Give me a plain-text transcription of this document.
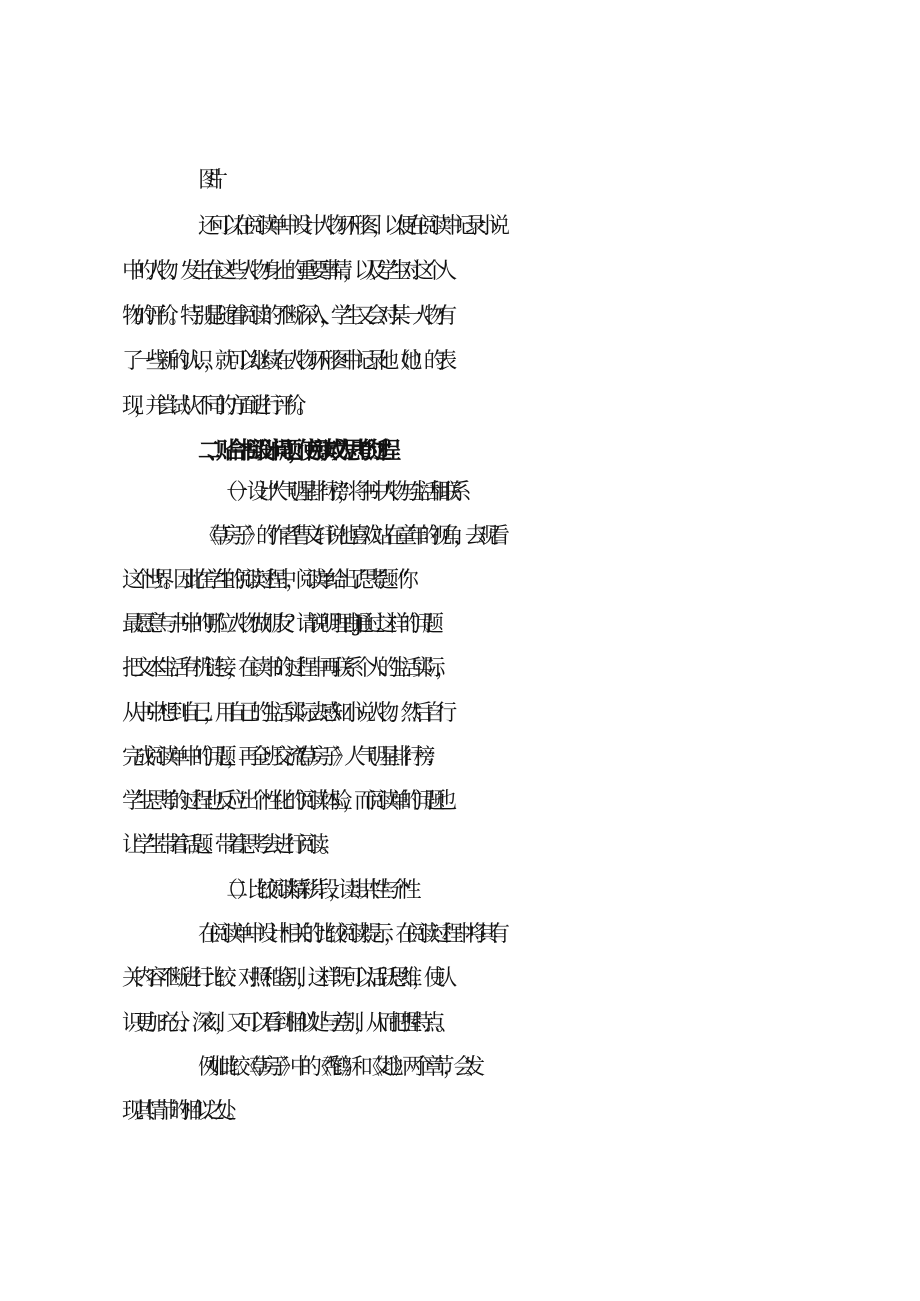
图片
还可以在阅读单中设计人物环形图，以便在阅读中记录小说
中的人物、发生在这些人物身上的重要事情，以及学生对这个人
物的评价。特别是随着阅读的不断深入，学生又会对某一人物有
了一些新的认识，就可以继续在人物环形图中记录他（她）的表
现，并尝试从不同的方面进行评价。
二、贴合书目设计问题，使阅读成为思考的过程
（一）设计“人气明星排行榜”，将书中人物与生活相联系
《草房子》的作者曹文轩说他喜欢站在童年的视角，去观看
这个世界。因此在学生的阅读过程中，阅读单给出了思考题：“你
最愿意与书中的哪位人物做朋友？请说明理由J通过这样的问题
把文本生活有机链接，在读书的过程中再联系个人的生活实际，
从书中想到自己，用自己的生活实际去感知小说人物。然后自行
完成阅读单中的问题，再全班交流“《草房子》人气明星排行榜：
学生思考的过程也反应出个性化的阅读体验，而阅读单的问题也
让学生带着话题、带着思考去进行阅读。
（二）比较阅读精彩片段，读出共性与个性
在阅读单中设计相关的比较阅读提示，在阅读过程中将其有
关内容不断进行比较、对照和鉴别，这样既可以活跃思维，使认
识更加充分、深刻，又可以看到相似处与差别，从而把握特点。
例如比较《草房子》中的《秃鹤》和《艾地》两个章节，会发
现其情节的相似之处。
